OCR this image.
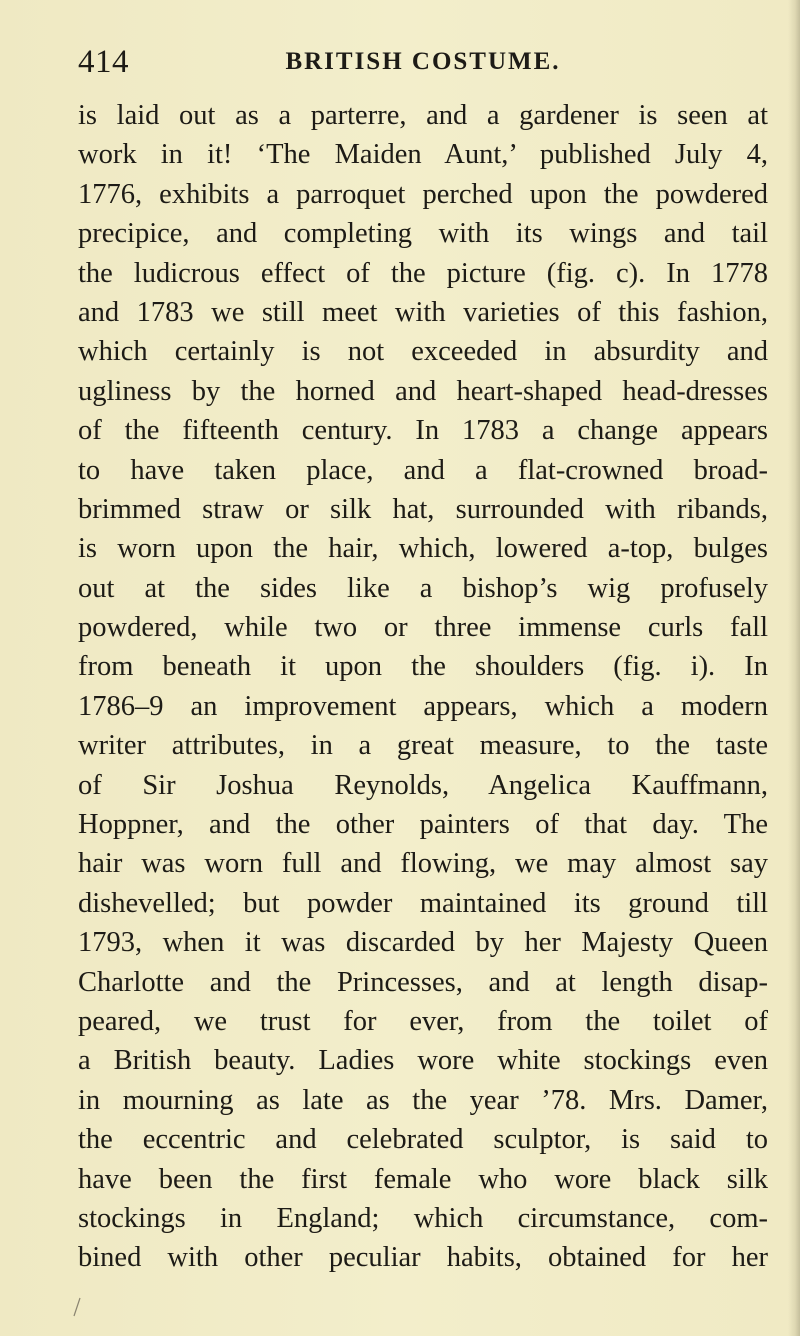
414	BRITISH COSTUME.
is laid out as a parterre, and a gardener is seen at
work in it! ‘The Maiden Aunt,’ published July 4,
1776, exhibits a parroquet perched upon the powdered
precipice, and completing with its wings and tail
the ludicrous effect of the picture (fig. c). In 1778
and 1783 we still meet with varieties of this fashion,
which certainly is not exceeded in absurdity and
ugliness by the horned and heart-shaped head-dresses
of the fifteenth century. In 1783 a change appears
to have taken place, and a flat-crowned broad-
brimmed straw or silk hat, surrounded with ribands,
is worn upon the hair, which, lowered a-top, bulges
out at the sides like a bishop’s wig profusely
powdered, while two or three immense curls fall
from beneath it upon the shoulders (fig. i). In
1786–9 an improvement appears, which a modern
writer attributes, in a great measure, to the taste
of Sir Joshua Reynolds, Angelica Kauffmann,
Hoppner, and the other painters of that day. The
hair was worn full and flowing, we may almost say
dishevelled; but powder maintained its ground till
1793, when it was discarded by her Majesty Queen
Charlotte and the Princesses, and at length disap-
peared, we trust for ever, from the toilet of
a British beauty. Ladies wore white stockings even
in mourning as late as the year ’78. Mrs. Damer,
the eccentric and celebrated sculptor, is said to
have been the first female who wore black silk
stockings in England; which circumstance, com-
bined with other peculiar habits, obtained for her
